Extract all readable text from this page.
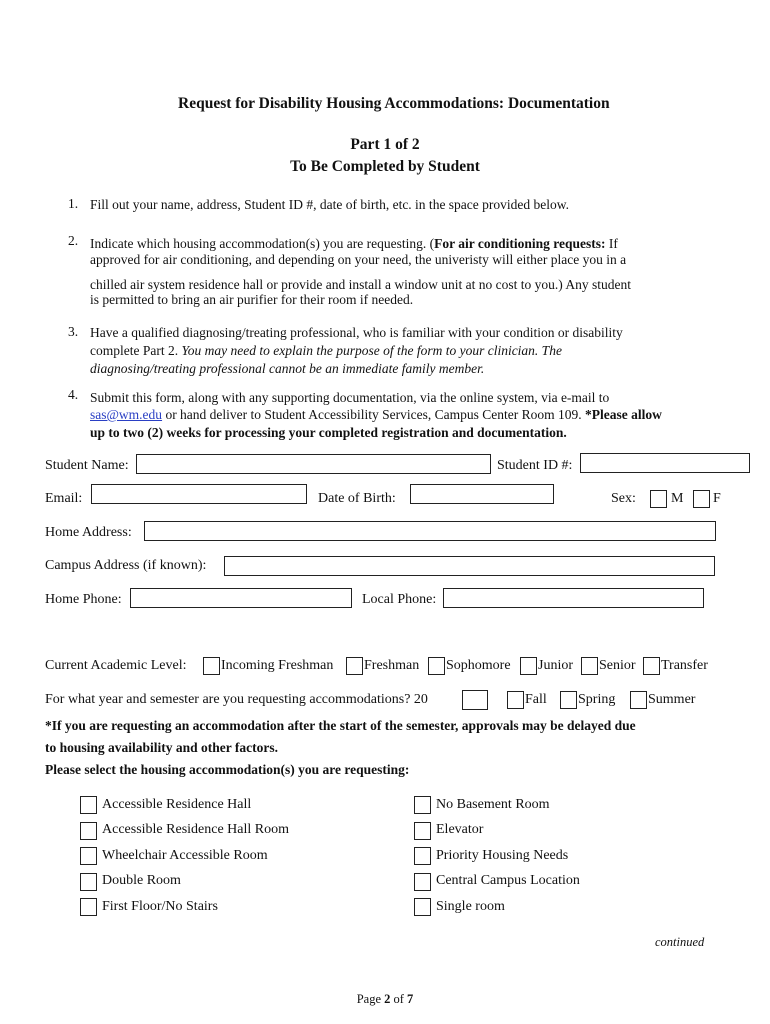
Request for Disability Housing Accommodations: Documentation
Part 1 of 2
To Be Completed by Student
1. Fill out your name, address, Student ID #, date of birth, etc. in the space provided below.
2. Indicate which housing accommodation(s) you are requesting. (For air conditioning requests: If
approved for air conditioning, and depending on your need, the univeristy will either place you in a
chilled air system residence hall or provide and install a window unit at no cost to you.) Any student
is permitted to bring an air purifier for their room if needed.
3. Have a qualified diagnosing/treating professional, who is familiar with your condition or disability
complete Part 2. You may need to explain the purpose of the form to your clinician. The
diagnosing/treating professional cannot be an immediate family member.
4. Submit this form, along with any supporting documentation, via the online system, via e-mail to
sas@wm.edu or hand deliver to Student Accessibility Services, Campus Center Room 109. *Please allow
up to two (2) weeks for processing your completed registration and documentation.
Student Name:	Student ID #:
Email:	Date of Birth:	Sex:	M F
Home Address:
Campus Address (if known):
Home Phone:	Local Phone:
Current Academic Level: Incoming Freshman Freshman Sophomore Junior Senior Transfer
For what year and semester are you requesting accommodations? 20	Fall Spring Summer
*If you are requesting an accommodation after the start of the semester, approvals may be delayed due
to housing availability and other factors.
Please select the housing accommodation(s) you are requesting:
Accessible Residence Hall
Accessible Residence Hall Room
Wheelchair Accessible Room
Double Room
First Floor/No Stairs
No Basement Room
Elevator
Priority Housing Needs
Central Campus Location
Single room
continued
Page 2 of 7
